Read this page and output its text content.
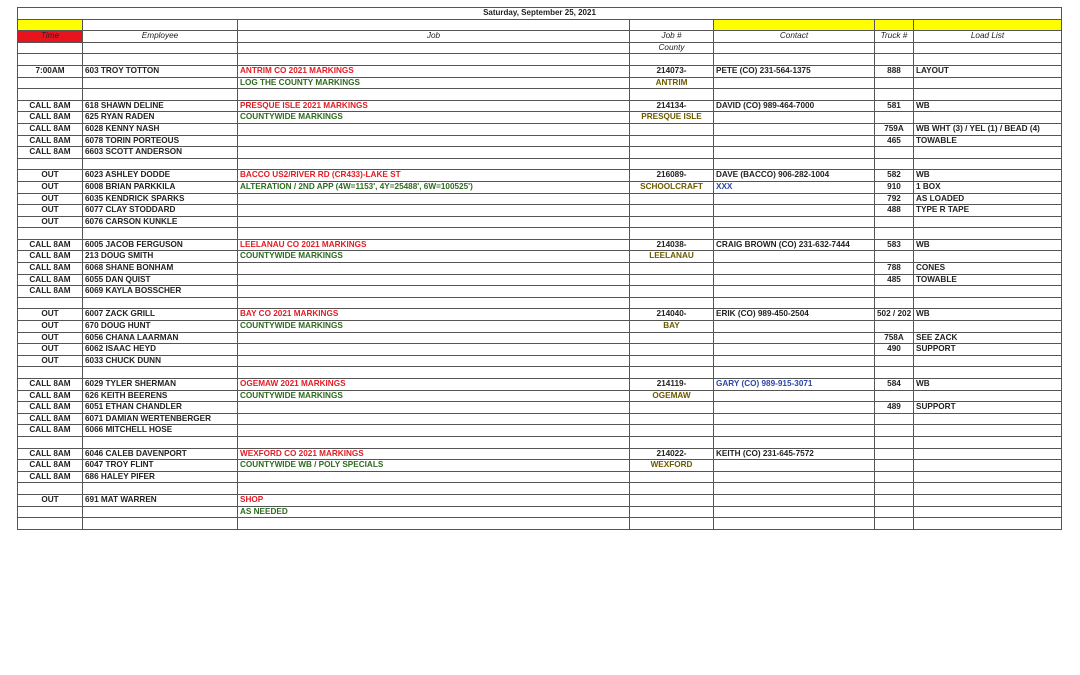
Saturday, September 25, 2021						

Time	Employee	Job	Job #	Contact	Truck #	Load List
			County			

7:00AM	603 TROY TOTTON	ANTRIM CO 2021 MARKINGS	214073-	PETE (CO) 231-564-1375	888	LAYOUT
		LOG THE COUNTY MARKINGS	ANTRIM			

CALL 8AM	618 SHAWN DELINE	PRESQUE ISLE 2021 MARKINGS	214134-	DAVID (CO) 989-464-7000	581	WB
CALL 8AM	625 RYAN RADEN	COUNTYWIDE MARKINGS	PRESQUE ISLE			
CALL 8AM	6028 KENNY NASH				759A	WB WHT (3) / YEL (1) / BEAD (4)
CALL 8AM	6078 TORIN PORTEOUS				465	TOWABLE
CALL 8AM	6603 SCOTT ANDERSON					

OUT	6023 ASHLEY DODDE	BACCO US2/RIVER RD (CR433)-LAKE ST	216089-	DAVE (BACCO) 906-282-1004	582	WB
OUT	6008 BRIAN PARKKILA	ALTERATION / 2ND APP (4W=1153', 4Y=25488', 6W=100525')	SCHOOLCRAFT	XXX	910	1 BOX
OUT	6035 KENDRICK SPARKS				792	AS LOADED
OUT	6077 CLAY STODDARD				488	TYPE R TAPE
OUT	6076 CARSON KUNKLE					

CALL 8AM	6005 JACOB FERGUSON	LEELANAU CO 2021 MARKINGS	214038-	CRAIG BROWN (CO) 231-632-7444	583	WB
CALL 8AM	213 DOUG SMITH	COUNTYWIDE MARKINGS	LEELANAU			
CALL 8AM	6068 SHANE BONHAM				788	CONES
CALL 8AM	6055 DAN QUIST				485	TOWABLE
CALL 8AM	6069 KAYLA BOSSCHER					

OUT	6007 ZACK GRILL	BAY CO 2021 MARKINGS	214040-	ERIK (CO) 989-450-2504	502 / 202	WB
OUT	670 DOUG HUNT	COUNTYWIDE MARKINGS	BAY			
OUT	6056 CHANA LAARMAN				758A	SEE ZACK
OUT	6062 ISAAC HEYD				490	SUPPORT
OUT	6033 CHUCK DUNN					

CALL 8AM	6029 TYLER SHERMAN	OGEMAW 2021 MARKINGS	214119-	GARY (CO) 989-915-3071	584	WB
CALL 8AM	626 KEITH BEERENS	COUNTYWIDE MARKINGS	OGEMAW			
CALL 8AM	6051 ETHAN CHANDLER				489	SUPPORT
CALL 8AM	6071 DAMIAN WERTENBERGER					
CALL 8AM	6066 MITCHELL HOSE					

CALL 8AM	6046 CALEB DAVENPORT	WEXFORD CO 2021 MARKINGS	214022-	KEITH (CO) 231-645-7572		
CALL 8AM	6047 TROY FLINT	COUNTYWIDE WB / POLY SPECIALS	WEXFORD			
CALL 8AM	686 HALEY PIFER					

OUT	691 MAT WARREN	SHOP				
		AS NEEDED				
